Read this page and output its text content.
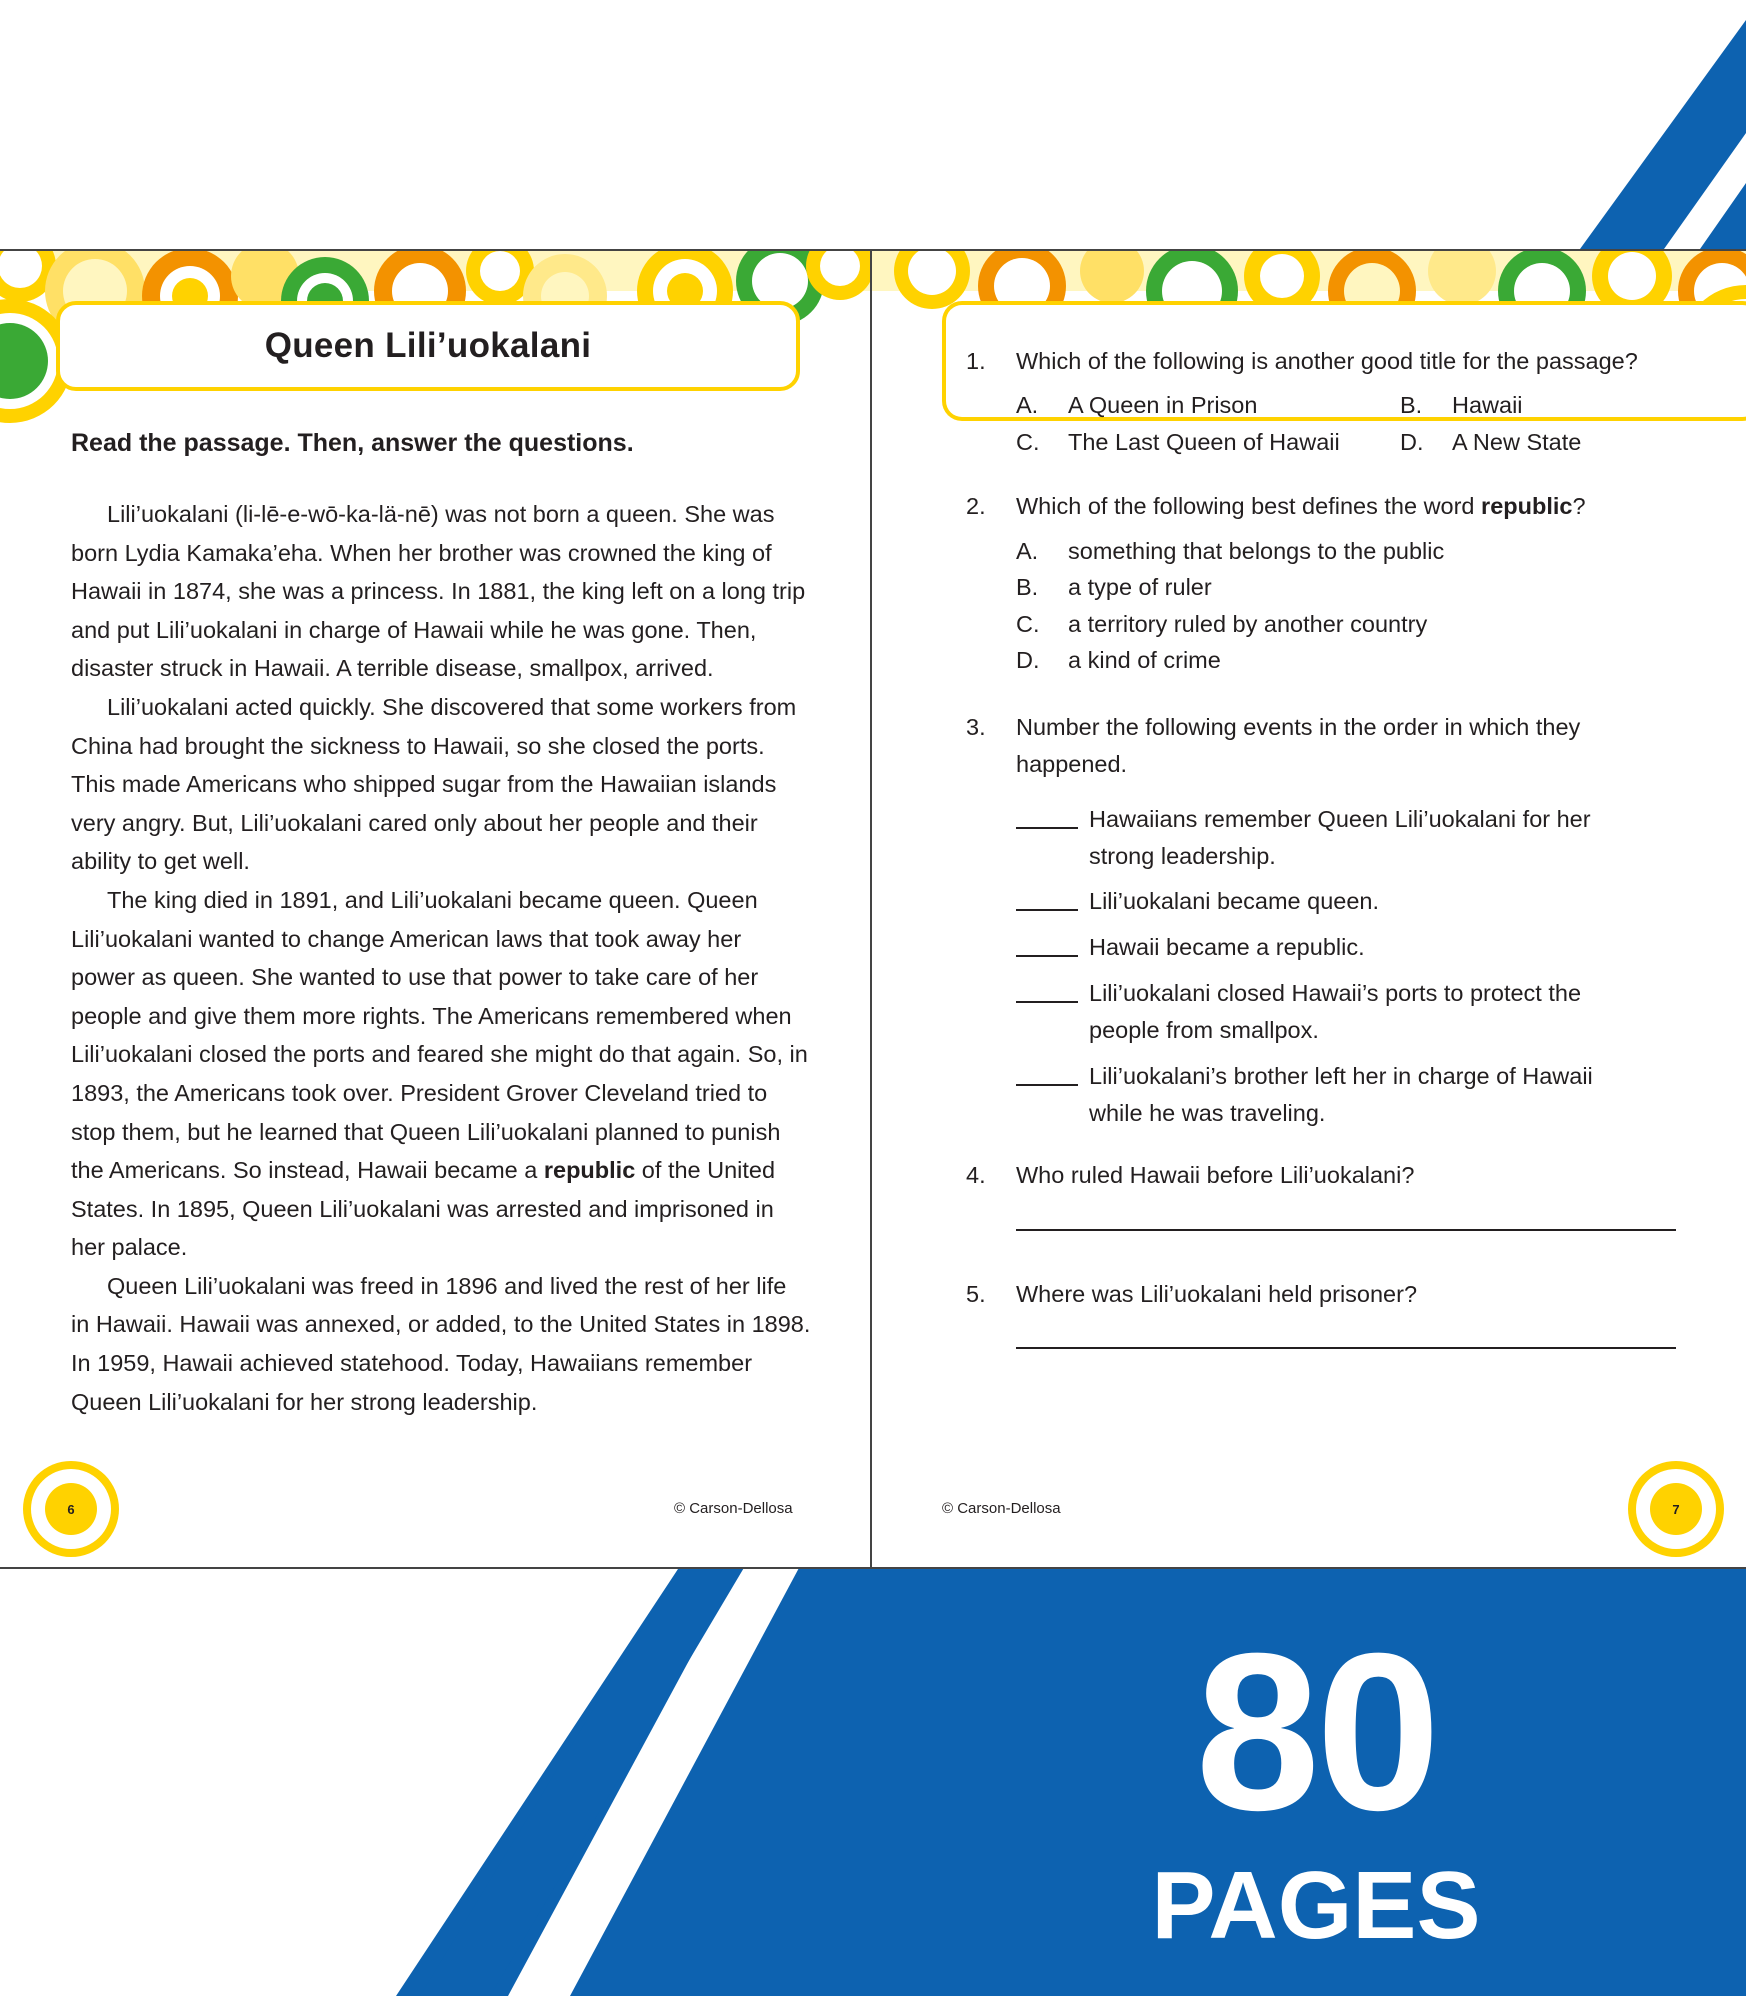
Queen Lili’uokalani
Read the passage. Then, answer the questions.

Lili’uokalani (li-lē-e-wō-ka-lä-nē) was not born a queen. She was born Lydia Kamaka’eha. When her brother was crowned the king of Hawaii in 1874, she was a princess. In 1881, the king left on a long trip and put Lili’uokalani in charge of Hawaii while he was gone. Then, disaster struck in Hawaii. A terrible disease, smallpox, arrived.

Lili’uokalani acted quickly. She discovered that some workers from China had brought the sickness to Hawaii, so she closed the ports. This made Americans who shipped sugar from the Hawaiian islands very angry. But, Lili’uokalani cared only about her people and their ability to get well.

The king died in 1891, and Lili’uokalani became queen. Queen Lili’uokalani wanted to change American laws that took away her power as queen. She wanted to use that power to take care of her people and give them more rights. The Americans remembered when Lili’uokalani closed the ports and feared she might do that again. So, in 1893, the Americans took over. President Grover Cleveland tried to stop them, but he learned that Queen Lili’uokalani planned to punish the Americans. So instead, Hawaii became a republic of the United States. In 1895, Queen Lili’uokalani was arrested and imprisoned in her palace.

Queen Lili’uokalani was freed in 1896 and lived the rest of her life in Hawaii. Hawaii was annexed, or added, to the United States in 1898. In 1959, Hawaii achieved statehood. Today, Hawaiians remember Queen Lili’uokalani for her strong leadership.

6	© Carson-Dellosa
1. Which of the following is another good title for the passage?
A. A Queen in Prison	B. Hawaii
C. The Last Queen of Hawaii	D. A New State
2. Which of the following best defines the word republic?
A. something that belongs to the public
B. a type of ruler
C. a territory ruled by another country
D. a kind of crime
3. Number the following events in the order in which they happened.
Hawaiians remember Queen Lili’uokalani for her strong leadership.
Lili’uokalani became queen.
Hawaii became a republic.
Lili’uokalani closed Hawaii’s ports to protect the people from smallpox.
Lili’uokalani’s brother left her in charge of Hawaii while he was traveling.
4. Who ruled Hawaii before Lili’uokalani?
5. Where was Lili’uokalani held prisoner?
© Carson-Dellosa	7
80
PAGES
